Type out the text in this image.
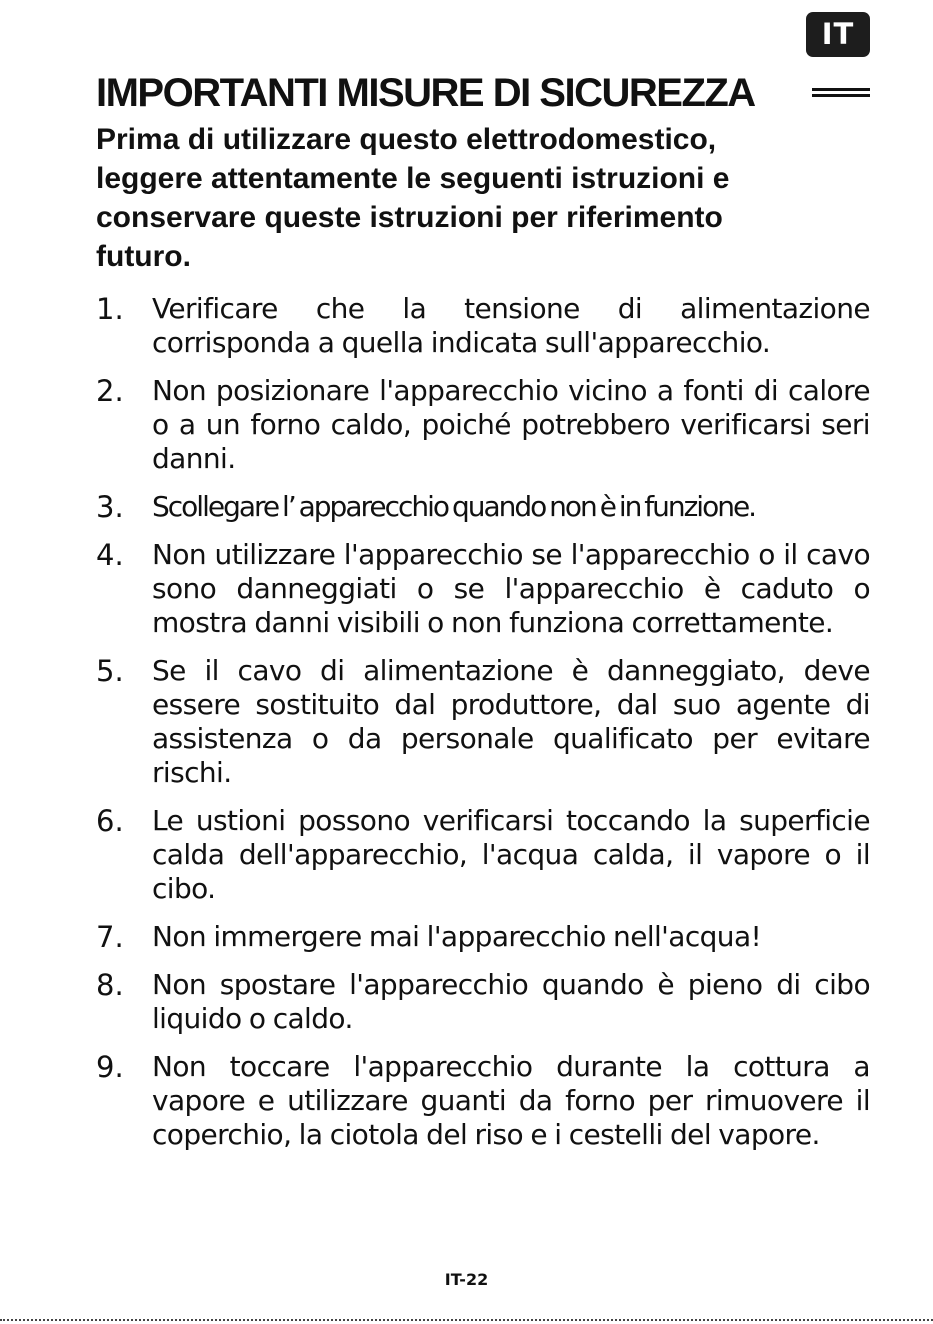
IT
IMPORTANTI MISURE DI SICUREZZA
Prima di utilizzare questo elettrodomestico,
leggere attentamente le seguenti istruzioni e
conservare queste istruzioni per riferimento
futuro.
1. Verificare che la tensione di alimentazione corrisponda a quella indicata sull'apparecchio.
2. Non posizionare l'apparecchio vicino a fonti di calore o a un forno caldo, poiché potrebbero verificarsi seri danni.
3. Scollegare l’ apparecchio quando non è in funzione.
4. Non utilizzare l'apparecchio se l'apparecchio o il cavo sono danneggiati o se l'apparecchio è caduto o mostra danni visibili o non funziona correttamente.
5. Se il cavo di alimentazione è danneggiato, deve essere sostituito dal produttore, dal suo agente di assistenza o da personale qualificato per evitare rischi.
6. Le ustioni possono verificarsi toccando la superficie calda dell'apparecchio, l'acqua calda, il vapore o il cibo.
7. Non immergere mai l'apparecchio nell'acqua!
8. Non spostare l'apparecchio quando è pieno di cibo liquido o caldo.
9. Non toccare l'apparecchio durante la cottura a vapore e utilizzare guanti da forno per rimuovere il coperchio, la ciotola del riso e i cestelli del vapore.
IT-22
